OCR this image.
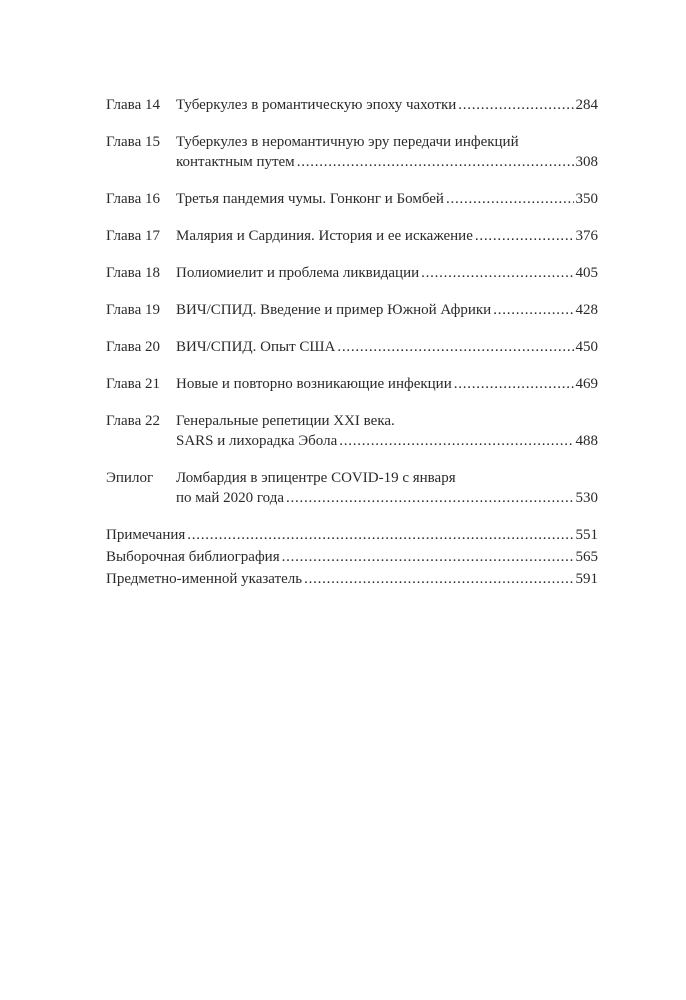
Глава 14	Туберкулез в романтическую эпоху чахотки . . .	284
Глава 15	Туберкулез в неромантичную эру передачи инфекций
контактным путем . . .	308
Глава 16	Третья пандемия чумы. Гонконг и Бомбей . . .	350
Глава 17	Малярия и Сардиния. История и ее искажение . . .	376
Глава 18	Полиомиелит и проблема ликвидации . . .	405
Глава 19	ВИЧ/СПИД. Введение и пример Южной Африки . . .	428
Глава 20	ВИЧ/СПИД. Опыт США . . .	450
Глава 21	Новые и повторно возникающие инфекции . . .	469
Глава 22	Генеральные репетиции XXI века.
SARS и лихорадка Эбола . . .	488
Эпилог	Ломбардия в эпицентре COVID-19 с января
по май 2020 года . . .	530
Примечания . . .	551
Выборочная библиография . . .	565
Предметно-именной указатель . . .	591
